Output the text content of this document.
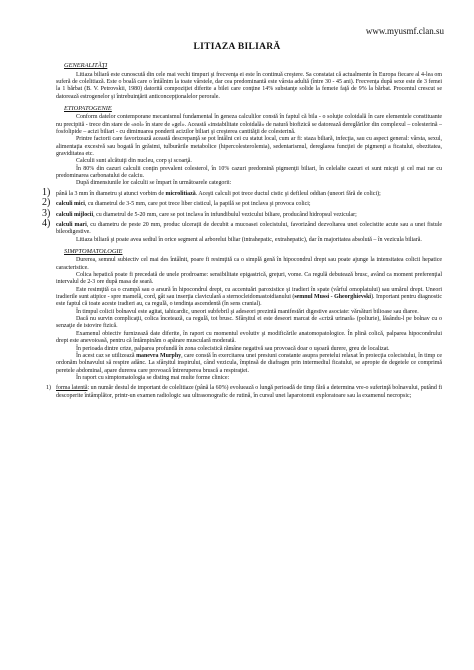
www.myusmf.clan.su
LITIAZA BILIARĂ
GENERALITĂŢI

Litiaza biliară este cunoscută din cele mai vechi timpuri şi frecvenţa ei este în continuă creştere. Sa constatat că actualmente în Europa fiecare al 4-lea om suferă de colelitiază. Este o boală care o întâlnim la toate vârstele, dar cea predominantă este vârsta adultă (între 30 - 45 ani). Frecvenţa după sexe este de 3 femei la 1 bărbat (B. V. Petrovskii, 1980) datorită compoziţiei diferite a bilei care conţine 14% substanţe solide la femeie faţă de 9% la bărbat. Procentul crescut se datorează estrogenelor şi întrebuinţării anticoncepţionalelor perorale.

ETIOPATOGENIE

Conform datelor contemporane mecanismul fundamental în geneza calculilor constă în faptul că bila - o soluţie coloidală în care elementele constituante nu precipită - trece din stare de «sol» în stare de «gel». Această «instabilitate coloidală» de natură biofizică se datorează dereglărilor din complexul – colesterină – fosfolipide – acizi biliari - cu diminuarea ponderii acizilor biliari şi creşterea cantităţii de colesterină.

Printre factorii care favorizează această descrepanţă se pot întâlni cei cu statut local, cum ar fi: staza biliară, infecţia, sau cu aspect general: vârsta, sexul, alimentaţia excesivă sau bogată în grăsimi, tulburările metabolice (hipercolesterolemia), sedentarismul, dereglarea funcţiei de pigmenţi a ficatului, obezitatea, graviditatea etc.

Calculii sunt alcătuiţi din nucleu, corp şi scoarţă.

În 80% din cazuri calculii conţin prevalent colesterol, în 10% cazuri predomină pigmenţii biliari, în celelalte cazuri ei sunt micşti şi cel mai rar cu predominarea carbonatului de calciu.

După dimensiunile lor calculii se împart în următoarele categorii:

1) până la 3 mm în diametru şi atunci vorbim de microlitiază. Aceşti calculi pot trece ductul cistic şi defileul oddian (uneori fără de colici);

2) calculi mici, cu diametrul de 3-5 mm, care pot trece liber cisticul, la papilă se pot inclava şi provoca colici;

3) calculi mijlocii, cu diametrul de 5-20 mm, care se pot inclava în infundibulul vezicului biliare, producând hidropsul vezicular;

4) calculi mari, cu diametru de peste 20 mm, produc ulceraţii de decubit a mucoasei colecistului, favorizând dezvoltarea unei colecistite acute sau a unei fistule bileodigestive.

Litiaza biliară şi poate avea sediul în orice segment al arborelui biliar (intrahepatic, extrahepatic), dar în majoritatea absolută – în vezicula biliară.

SIMPTOMATOLOGIE

Durerea, semnul subiectiv cel mai des întâlnit, poare fi resimţită ca o simplă genă în hipocondrul drept sau poate ajunge la intensitatea colicii hepatice caracteristice.

Colica hepatică poate fi precedată de unele prodroame: sensibilitate epigastrică, greţuri, vome. Ca regulă debutează brusc, având ca moment preferenţial intervalul de 2-3 ore după masa de seară.

Este resimţită ca o crampă sau o arsură în hipocondrul drept, cu accentuări paroxistice şi iradieri în spate (vârful omoplatului) sau umărul drept. Uneori iradierile sunt atipice - spre mamelă, cord, gât sau inserţia claviculară a sternocleidomastoidianului (semnul Mussi - Gheorghievski). Important pentru diagnostic este faptul că toate aceste iradieri au, ca regulă, o tendinţa ascendentă (în sens cranial).

În timpul colicii bolnavul este agitat, tahicardic, uneori subfebril şi adeseori prezintă manifestări digestive asociate: vărsături bilioase sau diaree.

Dacă nu survin complicaţii, colica încetează, ca regulă, tot brusc. Sfârşitul ei este deseori marcat de «criză urinară» (poliurie), lăsându-l pe bolnav cu o senzaţie de istovire fizică.

Examenul obiectiv furnizează date diferite, în raport cu momentul evolutiv şi modificările anatomopatologice. În plină colică, palparea hipocondrului drept este anevoioasă, pentru că întâmpinăm o apărare musculară moderată.

În perioada dintre crize, palparea profundă în zona colecistică rămâne negativă sau provoacă doar o uşoară durere, greu de localizat.

În acest caz se utilizează manevra Murphy, care constă în exercitarea unei presiuni constante asupra peretelui relaxat în proiecţia colecistului, în timp ce ordonăm bolnavului să respire adânc. La sfârşitul inspirului, când vezicula, împinsă de diafragm prin intermediul ficatului, se apropie de degetele ce comprimă peretele abdominal, apare durerea care provoacă întreruperea bruscă a respiraţiei.

În raport cu simptomatologia se disting mai multe forme clinice:

1) forma latentă: un număr destul de important de colelitiaze (până la 60%) evoluează o lungă perioadă de timp fără a determina vre-o suferinţă bolnavului, putând fi descoperite întâmplător, printr-un examen radiologic sau ultrasonografic de rutină, în cursul unei laparotomii exploratoare sau la examenul necropsic;
